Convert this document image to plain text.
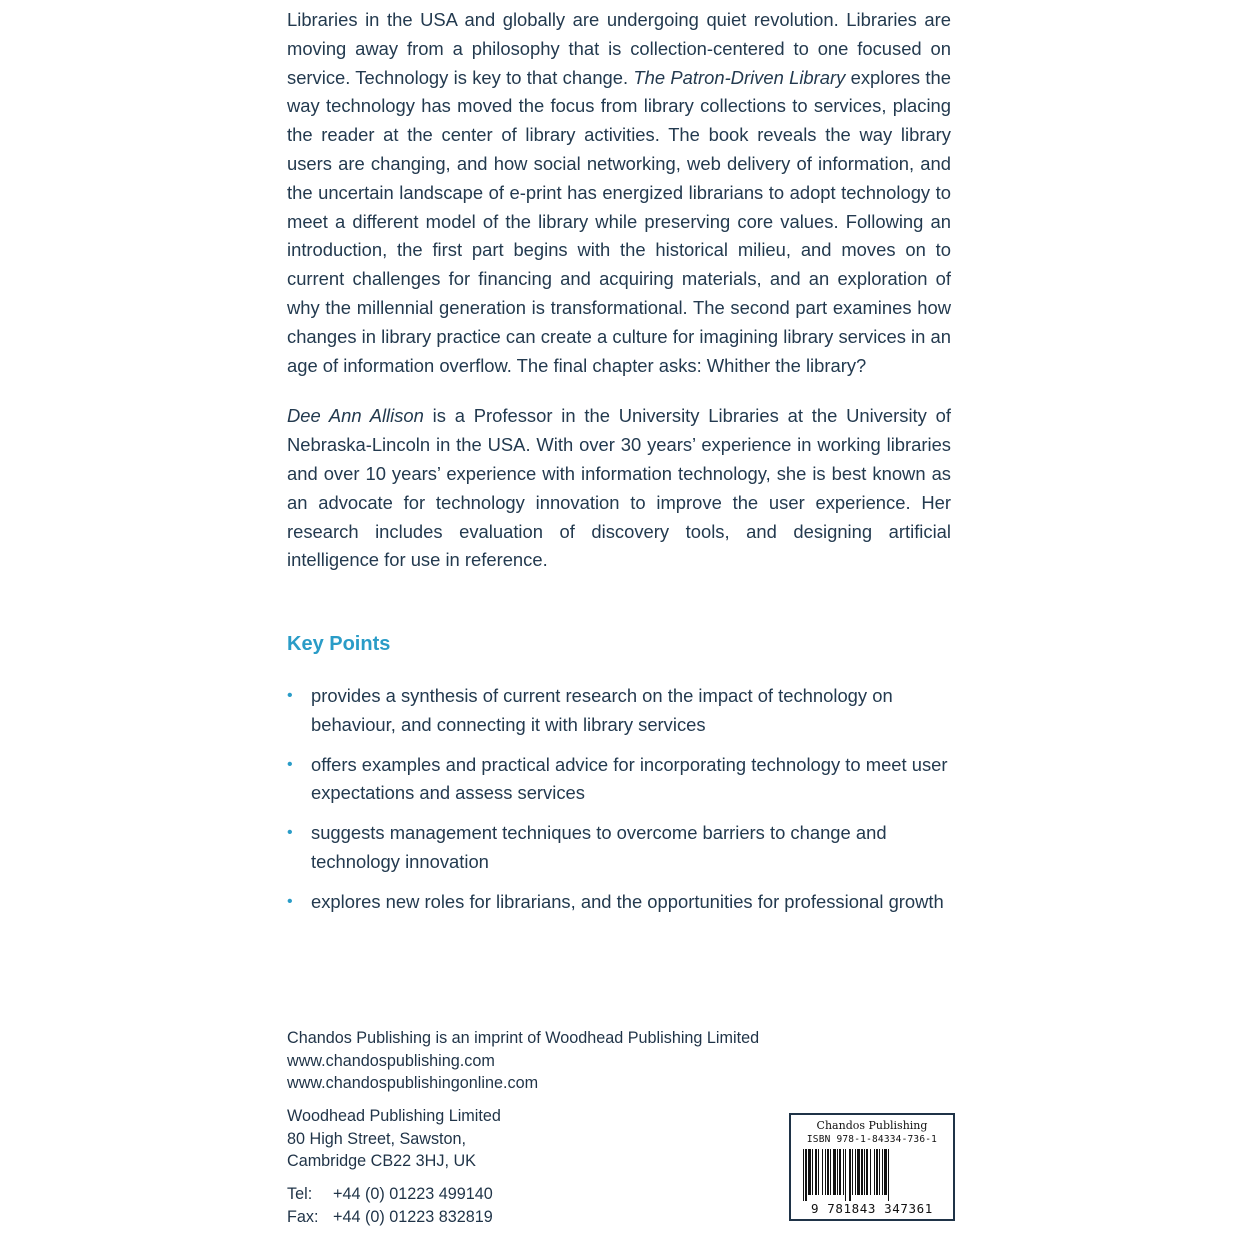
Libraries in the USA and globally are undergoing quiet revolution. Libraries are moving away from a philosophy that is collection-centered to one focused on service. Technology is key to that change. The Patron-Driven Library explores the way technology has moved the focus from library collections to services, placing the reader at the center of library activities. The book reveals the way library users are changing, and how social networking, web delivery of information, and the uncertain landscape of e-print has energized librarians to adopt technology to meet a different model of the library while preserving core values. Following an introduction, the first part begins with the historical milieu, and moves on to current challenges for financing and acquiring materials, and an exploration of why the millennial generation is transformational. The second part examines how changes in library practice can create a culture for imagining library services in an age of information overflow. The final chapter asks: Whither the library?

Dee Ann Allison is a Professor in the University Libraries at the University of Nebraska-Lincoln in the USA. With over 30 years’ experience in working libraries and over 10 years’ experience with information technology, she is best known as an advocate for technology innovation to improve the user experience. Her research includes evaluation of discovery tools, and designing artificial intelligence for use in reference.

Key Points
• provides a synthesis of current research on the impact of technology on behaviour, and connecting it with library services
• offers examples and practical advice for incorporating technology to meet user expectations and assess services
• suggests management techniques to overcome barriers to change and technology innovation
• explores new roles for librarians, and the opportunities for professional growth
Chandos Publishing is an imprint of Woodhead Publishing Limited
www.chandospublishing.com
www.chandospublishingonline.com
Woodhead Publishing Limited
80 High Street, Sawston,
Cambridge CB22 3HJ, UK
Tel: +44 (0) 01223 499140
Fax: +44 (0) 01223 832819
Chandos Publishing
ISBN 978-1-84334-736-1
9 781843 347361
